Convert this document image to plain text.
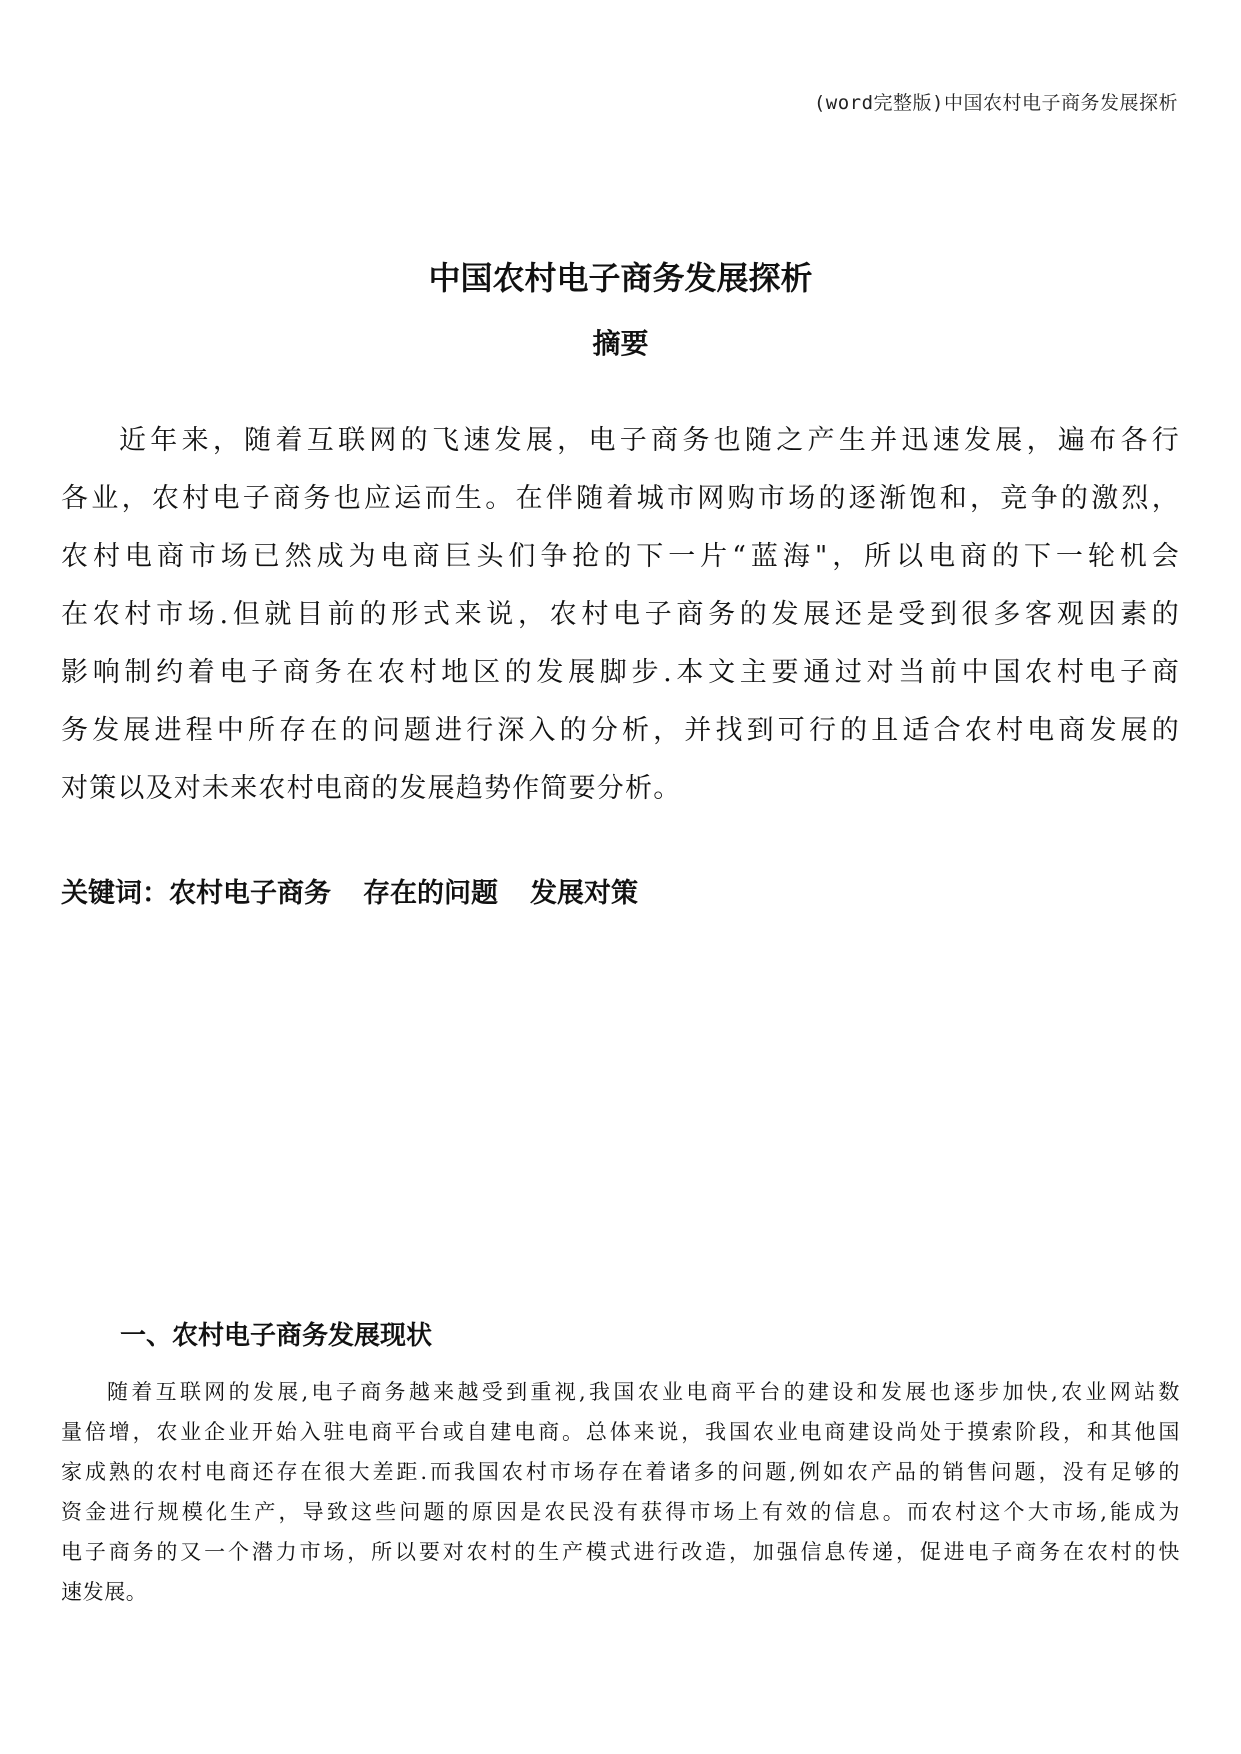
(word完整版)中国农村电子商务发展探析
中国农村电子商务发展探析
摘要
近年来，随着互联网的飞速发展，电子商务也随之产生并迅速发展，遍布各行
各业，农村电子商务也应运而生。在伴随着城市网购市场的逐渐饱和，竞争的激烈，
农村电商市场已然成为电商巨头们争抢的下一片“蓝海"，所以电商的下一轮机会
在农村市场.但就目前的形式来说，农村电子商务的发展还是受到很多客观因素的
影响制约着电子商务在农村地区的发展脚步.本文主要通过对当前中国农村电子商
务发展进程中所存在的问题进行深入的分析，并找到可行的且适合农村电商发展的
对策以及对未来农村电商的发展趋势作简要分析。
关键词：农村电子商务 存在的问题 发展对策
一、农村电子商务发展现状
随着互联网的发展,电子商务越来越受到重视,我国农业电商平台的建设和发展也逐步加快,农业网站数
量倍增，农业企业开始入驻电商平台或自建电商。总体来说，我国农业电商建设尚处于摸索阶段，和其他国
家成熟的农村电商还存在很大差距.而我国农村市场存在着诸多的问题,例如农产品的销售问题，没有足够的
资金进行规模化生产，导致这些问题的原因是农民没有获得市场上有效的信息。而农村这个大市场,能成为
电子商务的又一个潜力市场，所以要对农村的生产模式进行改造，加强信息传递，促进电子商务在农村的快
速发展。
